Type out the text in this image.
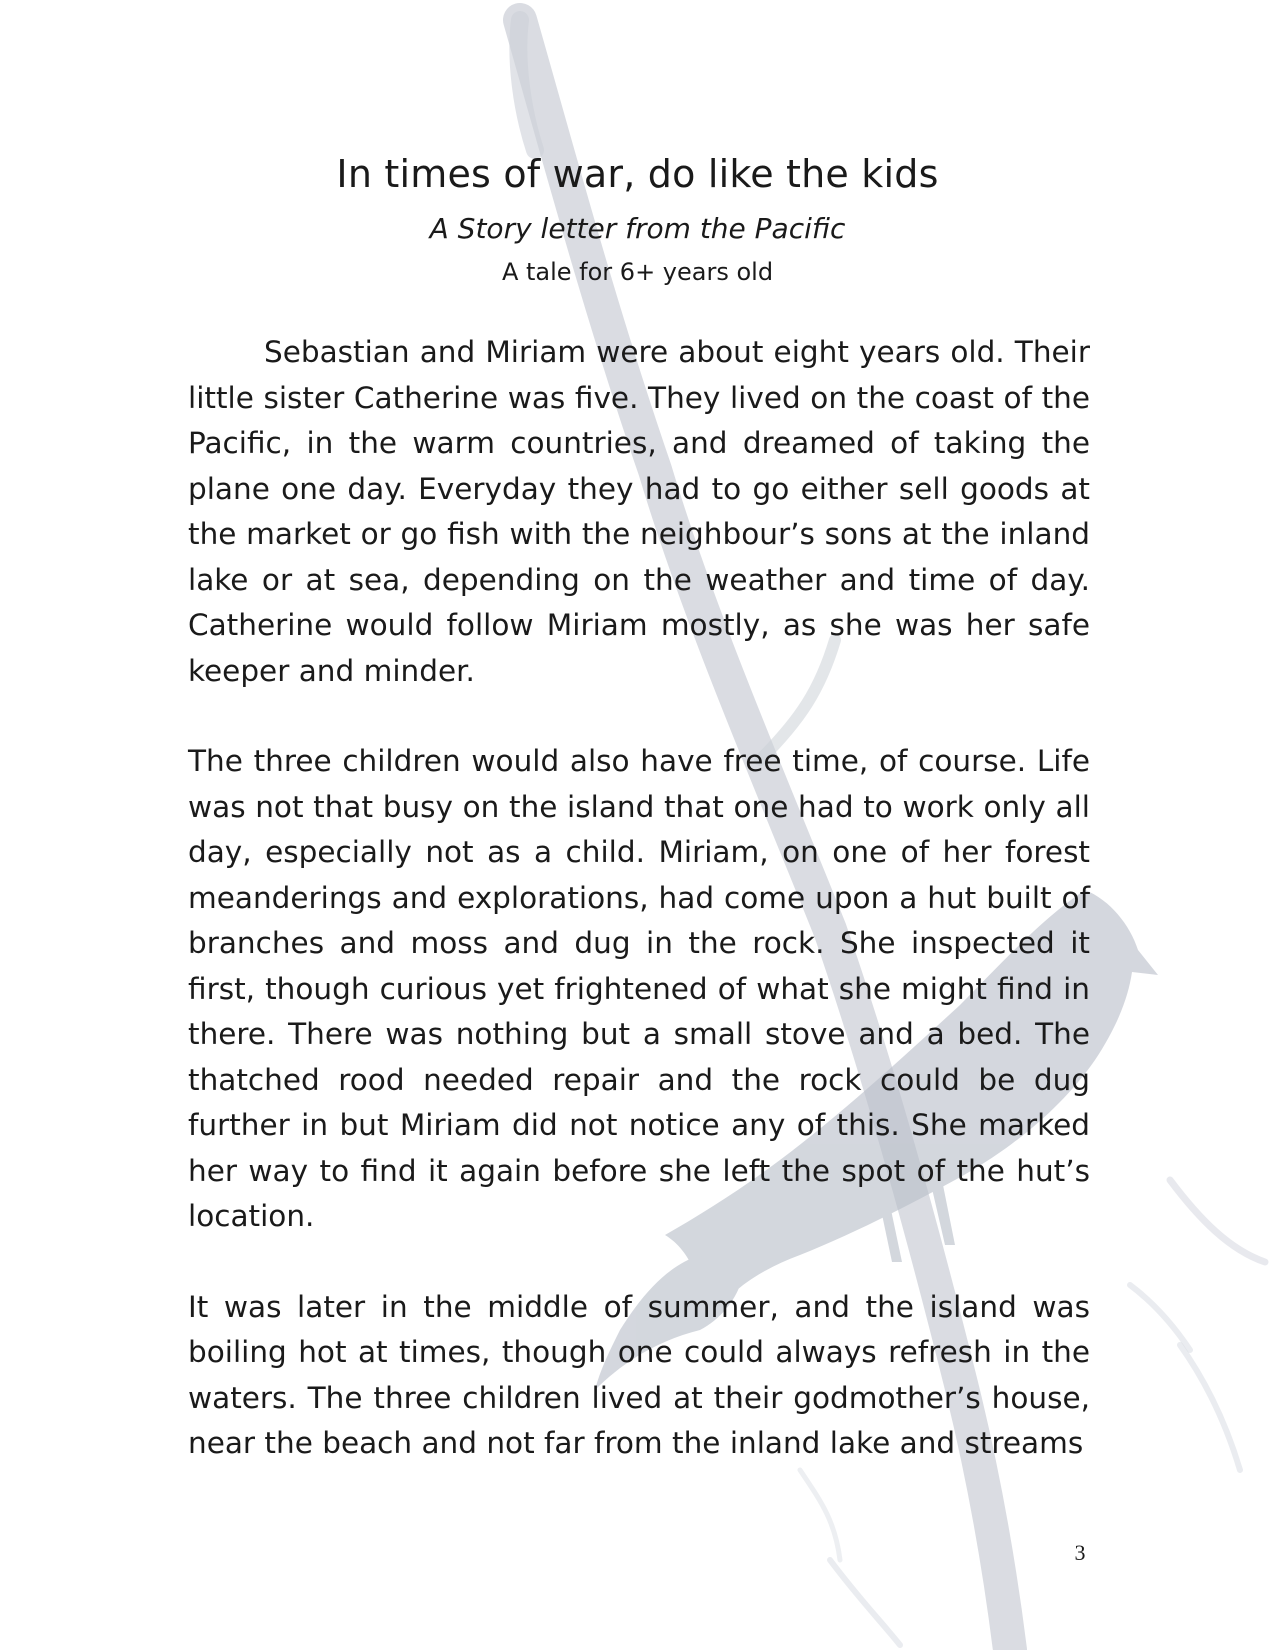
In times of war, do like the kids
A Story letter from the Pacific
A tale for 6+ years old

Sebastian and Miriam were about eight years old. Their little sister Catherine was five. They lived on the coast of the Pacific, in the warm countries, and dreamed of taking the plane one day. Everyday they had to go either sell goods at the market or go fish with the neighbour’s sons at the inland lake or at sea, depending on the weather and time of day. Catherine would follow Miriam mostly, as she was her safe keeper and minder.

The three children would also have free time, of course. Life was not that busy on the island that one had to work only all day, especially not as a child. Miriam, on one of her forest meanderings and explorations, had come upon a hut built of branches and moss and dug in the rock. She inspected it first, though curious yet frightened of what she might find in there. There was nothing but a small stove and a bed. The thatched rood needed repair and the rock could be dug further in but Miriam did not notice any of this. She marked her way to find it again before she left the spot of the hut’s location.

It was later in the middle of summer, and the island was boiling hot at times, though one could always refresh in the waters. The three children lived at their godmother’s house, near the beach and not far from the inland lake and streams

3
